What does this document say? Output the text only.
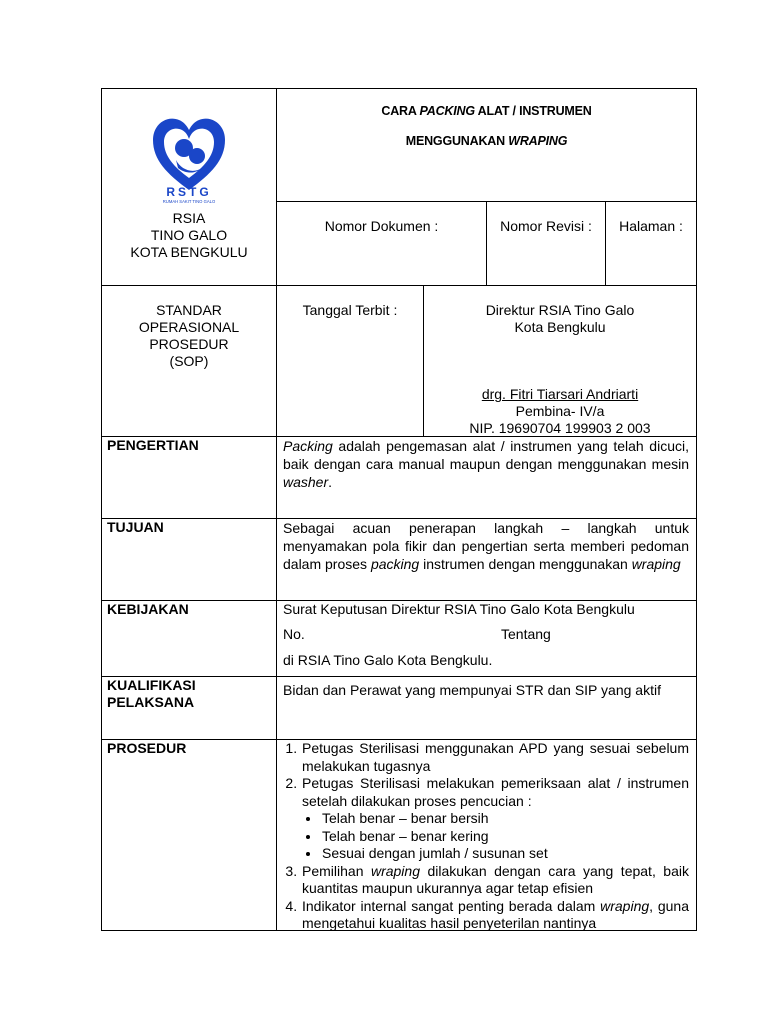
RSTG
RUMAH SAKIT TINO GALO
RSIA
TINO GALO
KOTA BENGKULU
CARA PACKING ALAT / INSTRUMEN
MENGGUNAKAN WRAPING
Nomor Dokumen :	Nomor Revisi :	Halaman :
STANDAR
OPERASIONAL
PROSEDUR
(SOP)
Tanggal Terbit :	Direktur RSIA Tino Galo
Kota Bengkulu
drg. Fitri Tiarsari Andriarti
Pembina- IV/a
NIP. 19690704 199903 2 003
PENGERTIAN	Packing adalah pengemasan alat / instrumen yang telah dicuci, baik dengan cara manual maupun dengan menggunakan mesin washer.
TUJUAN	Sebagai acuan penerapan langkah – langkah untuk menyamakan pola fikir dan pengertian serta memberi pedoman dalam proses packing instrumen dengan menggunakan wraping
KEBIJAKAN	Surat Keputusan Direktur RSIA Tino Galo Kota Bengkulu
No.	Tentang
di RSIA Tino Galo Kota Bengkulu.
KUALIFIKASI
PELAKSANA
Bidan dan Perawat yang mempunyai STR dan SIP yang aktif
PROSEDUR
1.	Petugas Sterilisasi menggunakan APD yang sesuai sebelum melakukan tugasnya
2. Petugas Sterilisasi melakukan pemeriksaan alat / instrumen setelah dilakukan proses pencucian :
• Telah benar – benar bersih
• Telah benar – benar kering
• Sesuai dengan jumlah / susunan set
3. Pemilihan wraping dilakukan dengan cara yang tepat, baik kuantitas maupun ukurannya agar tetap efisien
4. Indikator internal sangat penting berada dalam wraping, guna mengetahui kualitas hasil penyeterilan nantinya
